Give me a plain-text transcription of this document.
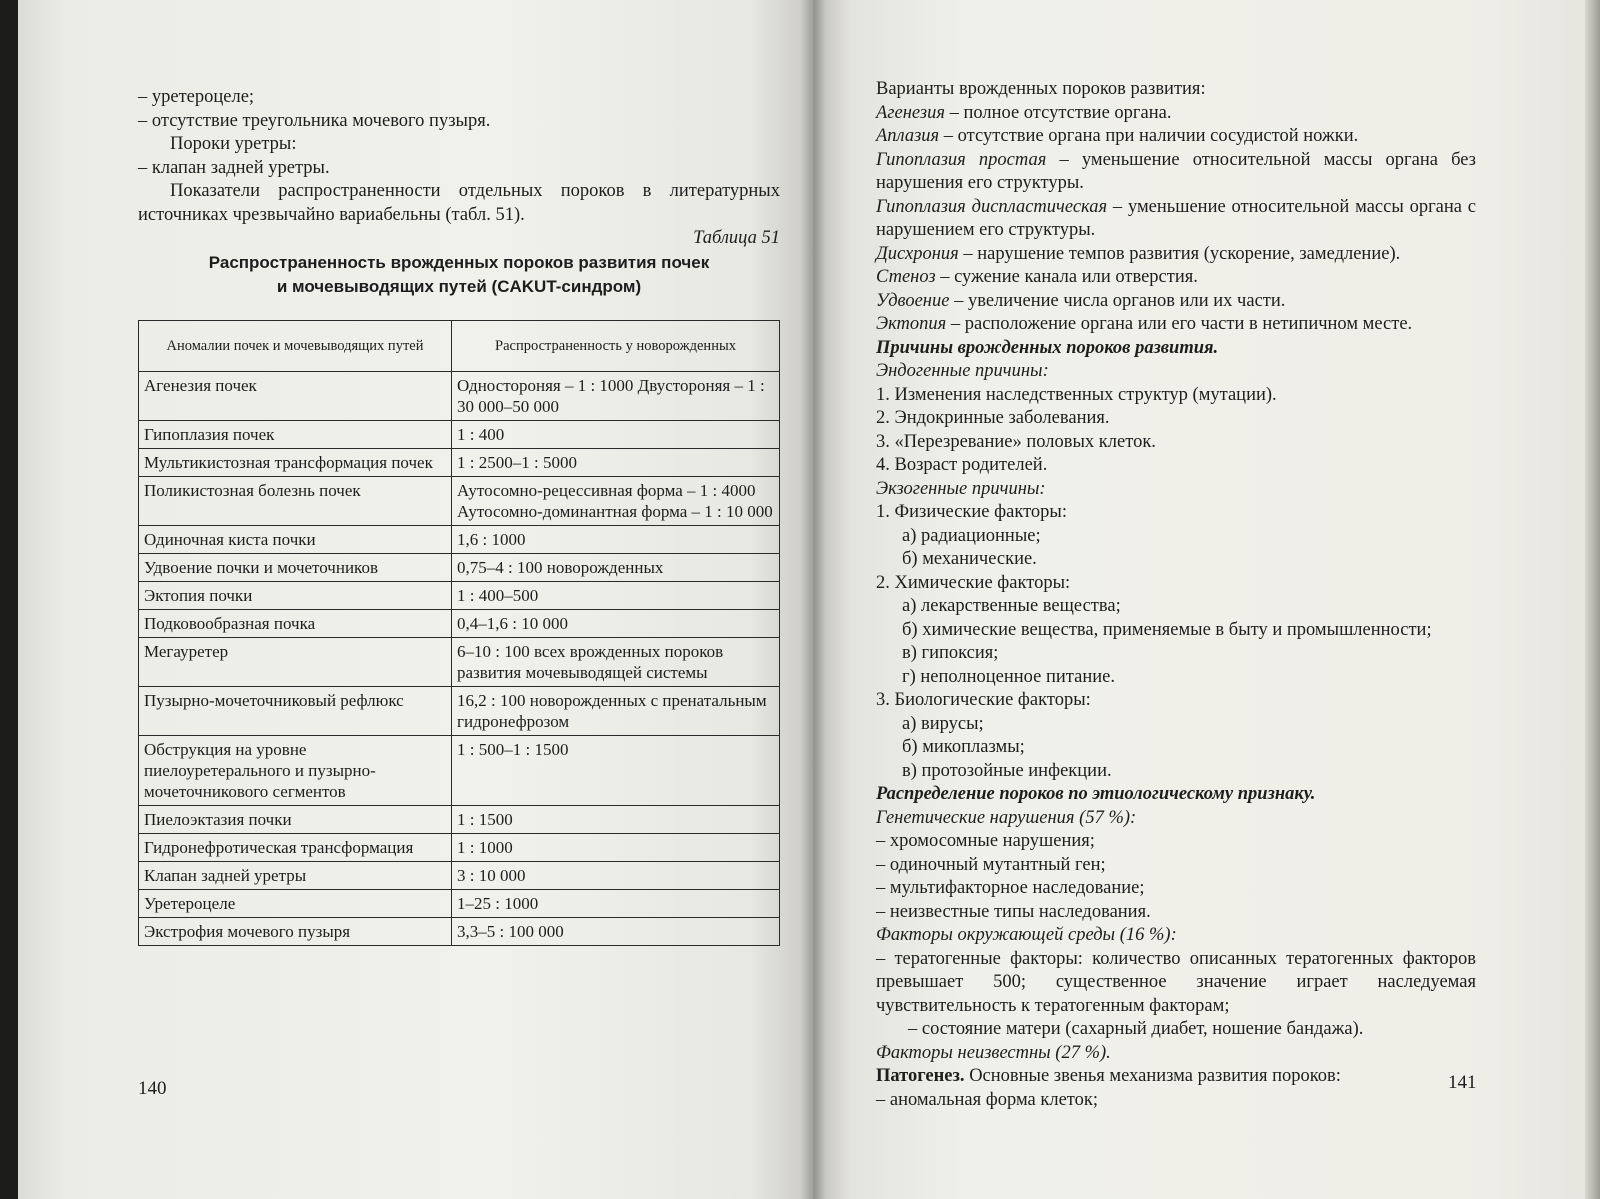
– уретероцеле;

– отсутствие треугольника мочевого пузыря.

Пороки уретры:

– клапан задней уретры.

Показатели распространенности отдельных пороков в литературных источниках чрезвычайно вариабельны (табл. 51).

Таблица 51

Распространенность врожденных пороков развития почек
и мочевыводящих путей (CAKUT-синдром)

Аномалии почек и мочевыводящих путей	Распространенность у новорожденных
Агенезия почек	Одностороняя – 1 : 1000 Двустороняя – 1 : 30 000–50 000
Гипоплазия почек	1 : 400
Мультикистозная трансформация почек	1 : 2500–1 : 5000
Поликистозная болезнь почек	Аутосомно-рецессивная форма – 1 : 4000 Аутосомно-доминантная форма – 1 : 10 000
Одиночная киста почки	1,6 : 1000
Удвоение почки и мочеточников	0,75–4 : 100 новорожденных
Эктопия почки	1 : 400–500
Подковообразная почка	0,4–1,6 : 10 000
Мегауретер	6–10 : 100 всех врожденных пороков развития мочевыводящей системы
Пузырно-мочеточниковый рефлюкс	16,2 : 100 новорожденных с пренатальным гидронефрозом
Обструкция на уровне пиелоуретерального и пузырно-мочеточникового сегментов	1 : 500–1 : 1500
Пиелоэктазия почки	1 : 1500
Гидронефротическая трансформация	1 : 1000
Клапан задней уретры	3 : 10 000
Уретероцеле	1–25 : 1000
Экстрофия мочевого пузыря	3,3–5 : 100 000
140

Варианты врожденных пороков развития:

Агенезия – полное отсутствие органа.

Аплазия – отсутствие органа при наличии сосудистой ножки.

Гипоплазия простая – уменьшение относительной массы органа без нарушения его структуры.

Гипоплазия диспластическая – уменьшение относительной массы органа с нарушением его структуры.

Дисхрония – нарушение темпов развития (ускорение, замедление).

Стеноз – сужение канала или отверстия.

Удвоение – увеличение числа органов или их части.

Эктопия – расположение органа или его части в нетипичном месте.

Причины врожденных пороков развития.

Эндогенные причины:

1. Изменения наследственных структур (мутации).

2. Эндокринные заболевания.

3. «Перезревание» половых клеток.

4. Возраст родителей.

Экзогенные причины:

1. Физические факторы:

а) радиационные;

б) механические.

2. Химические факторы:

а) лекарственные вещества;

б) химические вещества, применяемые в быту и промышленности;

в) гипоксия;

г) неполноценное питание.

3. Биологические факторы:

а) вирусы;

б) микоплазмы;

в) протозойные инфекции.

Распределение пороков по этиологическому признаку.

Генетические нарушения (57 %):

– хромосомные нарушения;

– одиночный мутантный ген;

– мультифакторное наследование;

– неизвестные типы наследования.

Факторы окружающей среды (16 %):

– тератогенные факторы: количество описанных тератогенных факторов превышает 500; существенное значение играет наследуемая чувствительность к тератогенным факторам;

– состояние матери (сахарный диабет, ношение бандажа).

Факторы неизвестны (27 %).

Патогенез. Основные звенья механизма развития пороков:

– аномальная форма клеток;

141
